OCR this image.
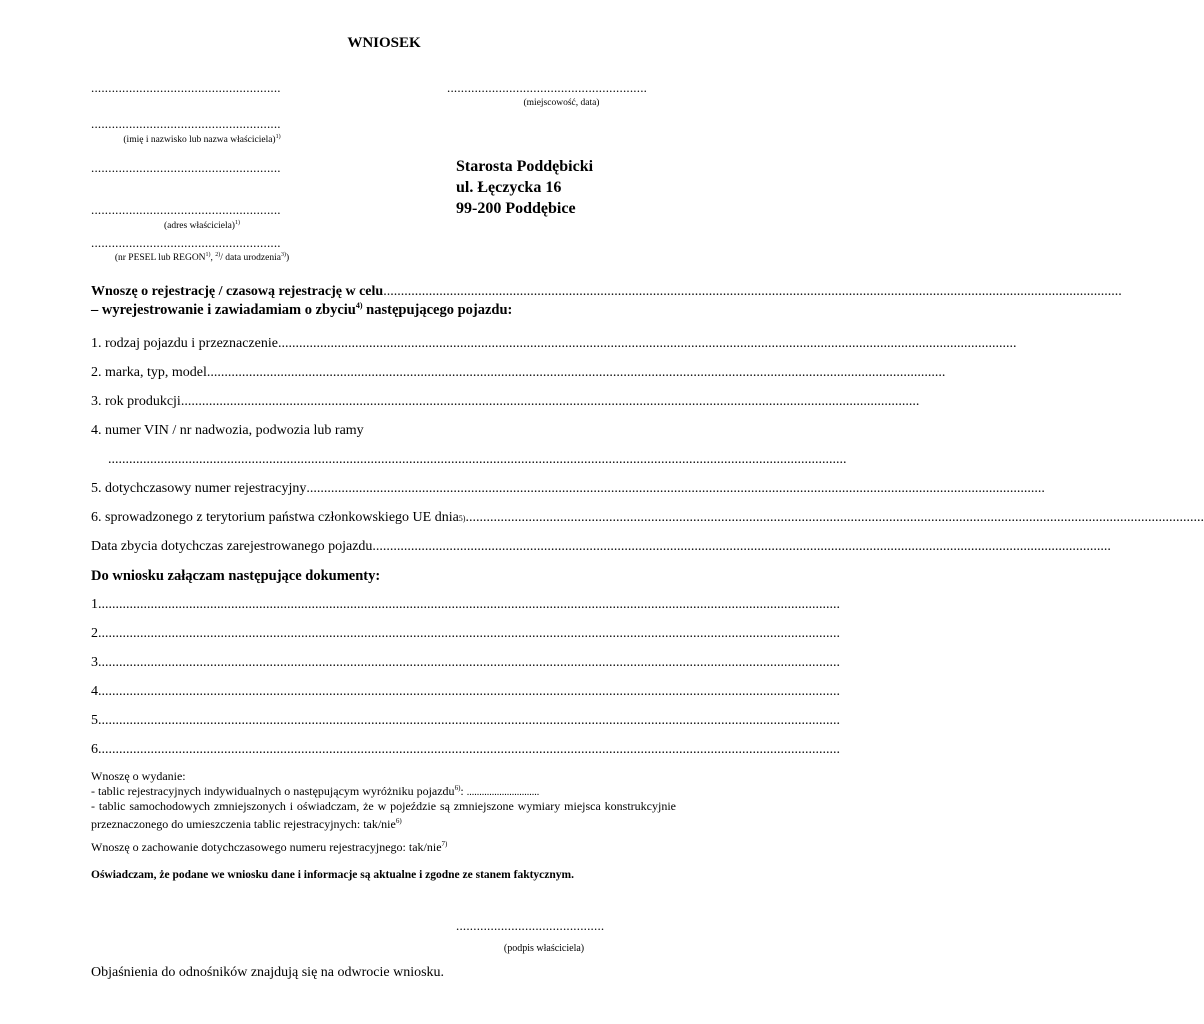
WNIOSEK
.......................................................
.......................................................
(imię i nazwisko lub nazwa właściciela)$^{1)}$
.......................................................
.......................................................
(adres właściciela)$^{1)}$
.......................................................
(nr PESEL lub REGON$^{1)}$, $^{2)}$/ data urodzenia$^{3)}$)
..........................................................
(miejscowość, data)
Starosta Poddębicki
ul. Łęczycka 16
99-200 Poddębice
Wnoszę o rejestrację / czasową rejestrację w celu ...................................................................................................................................................................................................................
– wyrejestrowanie i zawiadamiam o zbyciu$^{4)}$ następującego pojazdu:
1. rodzaj pojazdu i przeznaczenie ...................................................................................................................................................................................................................
2. marka, typ, model ...................................................................................................................................................................................................................
3. rok produkcji ...................................................................................................................................................................................................................
4. numer VIN / nr nadwozia, podwozia lub ramy
...................................................................................................................................................................................................................
5. dotychczasowy numer rejestracyjny ...................................................................................................................................................................................................................
6. sprowadzonego z terytorium państwa członkowskiego UE dnia 5) ...................................................................................................................................................................................................................
Data zbycia dotychczas zarejestrowanego pojazdu ...................................................................................................................................................................................................................
Do wniosku załączam następujące dokumenty:
1. ...................................................................................................................................................................................................................
2. ...................................................................................................................................................................................................................
3. ...................................................................................................................................................................................................................
4. ...................................................................................................................................................................................................................
5. ...................................................................................................................................................................................................................
6. ...................................................................................................................................................................................................................
Wnoszę o wydanie:
- tablic rejestracyjnych indywidualnych o następującym wyróżniku pojazdu$^{6)}$: .............................
- tablic samochodowych zmniejszonych i oświadczam, że w pojeździe są zmniejszone wymiary miejsca konstrukcyjnie przeznaczonego do umieszczenia tablic rejestracyjnych: tak/nie$^{6)}$
Wnoszę o zachowanie dotychczasowego numeru rejestracyjnego: tak/nie$^{7)}$
Oświadczam, że podane we wniosku dane i informacje są aktualne i zgodne ze stanem faktycznym.
...........................................
(podpis właściciela)
Objaśnienia do odnośników znajdują się na odwrocie wniosku.
